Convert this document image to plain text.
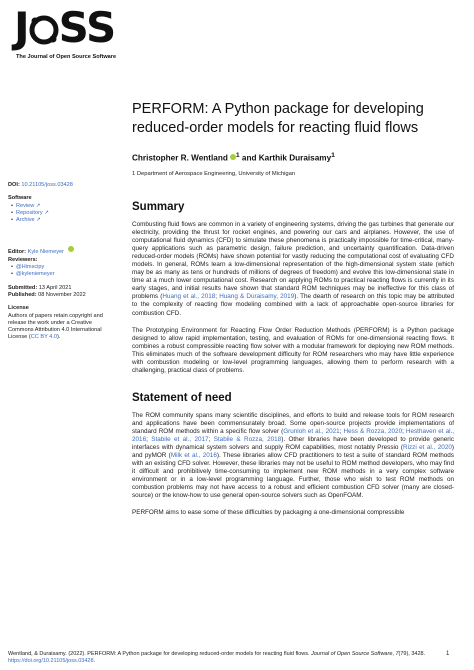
J SS
The Journal of Open Source Software
PERFORM: A Python package for developing reduced-order models for reacting fluid flows
Christopher R. Wentland $^1$ and Karthik Duraisamy$^1$
1 Department of Aerospace Engineering, University of Michigan
DOI: 10.21105/joss.03428
Software
• Review ↗
• Repository ↗
• Archive ↗
Editor: Kyle Niemeyer
Reviewers:
• @Himscipy
• @kyleniemeyer
Submitted: 13 April 2021
Published: 08 November 2022
License
Authors of papers retain copyright and release the work under a Creative Commons Attribution 4.0 International License (CC BY 4.0).
Summary

Combusting fluid flows are common in a variety of engineering systems, driving the gas turbines that generate our electricity, providing the thrust for rocket engines, and powering our cars and airplanes. However, the use of computational fluid dynamics (CFD) to simulate these phenomena is practically impossible for time-critical, many-query applications such as parametric design, failure prediction, and uncertainty quantification. Data-driven reduced-order models (ROMs) have shown potential for vastly reducing the computational cost of evaluating CFD models. In general, ROMs learn a low-dimensional representation of the high-dimensional system state (which may be as many as tens or hundreds of millions of degrees of freedom) and evolve this low-dimensional state in time at a much lower computational cost. Research on applying ROMs to practical reacting flows is currently in its early stages, and initial results have shown that standard ROM techniques may be ineffective for this class of problems (Huang et al., 2018; Huang & Duraisamy, 2019). The dearth of research on this topic may be attributed to the complexity of reacting flow modeling combined with a lack of approachable open-source libraries for combustion CFD.

The Prototyping Environment for Reacting Flow Order Reduction Methods (PERFORM) is a Python package designed to allow rapid implementation, testing, and evaluation of ROMs for one-dimensional reacting flows. It combines a robust compressible reacting flow solver with a modular framework for deploying new ROM methods. This eliminates much of the software development difficulty for ROM researchers who may have little experience with combustion modeling or low-level programming languages, allowing them to perform research with a challenging, practical class of problems.

Statement of need

The ROM community spans many scientific disciplines, and efforts to build and release tools for ROM research and applications have been commensurately broad. Some open-source projects provide implementations of standard ROM methods within a specific flow solver (Grunloh et al., 2021; Hess & Rozza, 2020; Hesthaven et al., 2016; Stabile et al., 2017; Stabile & Rozza, 2018). Other libraries have been developed to provide generic interfaces with dynamical system solvers and supply ROM capabilities, most notably Pressio (Rizzi et al., 2020) and pyMOR (Milk et al., 2016). These libraries allow CFD practitioners to test a suite of standard ROM methods with an existing CFD solver. However, these libraries may not be useful to ROM method developers, who may find it difficult and prohibitively time-consuming to implement new ROM methods in a very complex software environment or in a low-level programming language. Further, those who wish to test ROM methods on combustion problems may not have access to a robust and efficient combustion CFD solver (many are closed-source) or the know-how to use general open-source solvers such as OpenFOAM.

PERFORM aims to ease some of these difficulties by packaging a one-dimensional compressible

Wentland, & Duraisamy. (2022). PERFORM: A Python package for developing reduced-order models for reacting fluid flows. Journal of Open Source Software, 7(79), 3428. https://doi.org/10.21105/joss.03428.
1
